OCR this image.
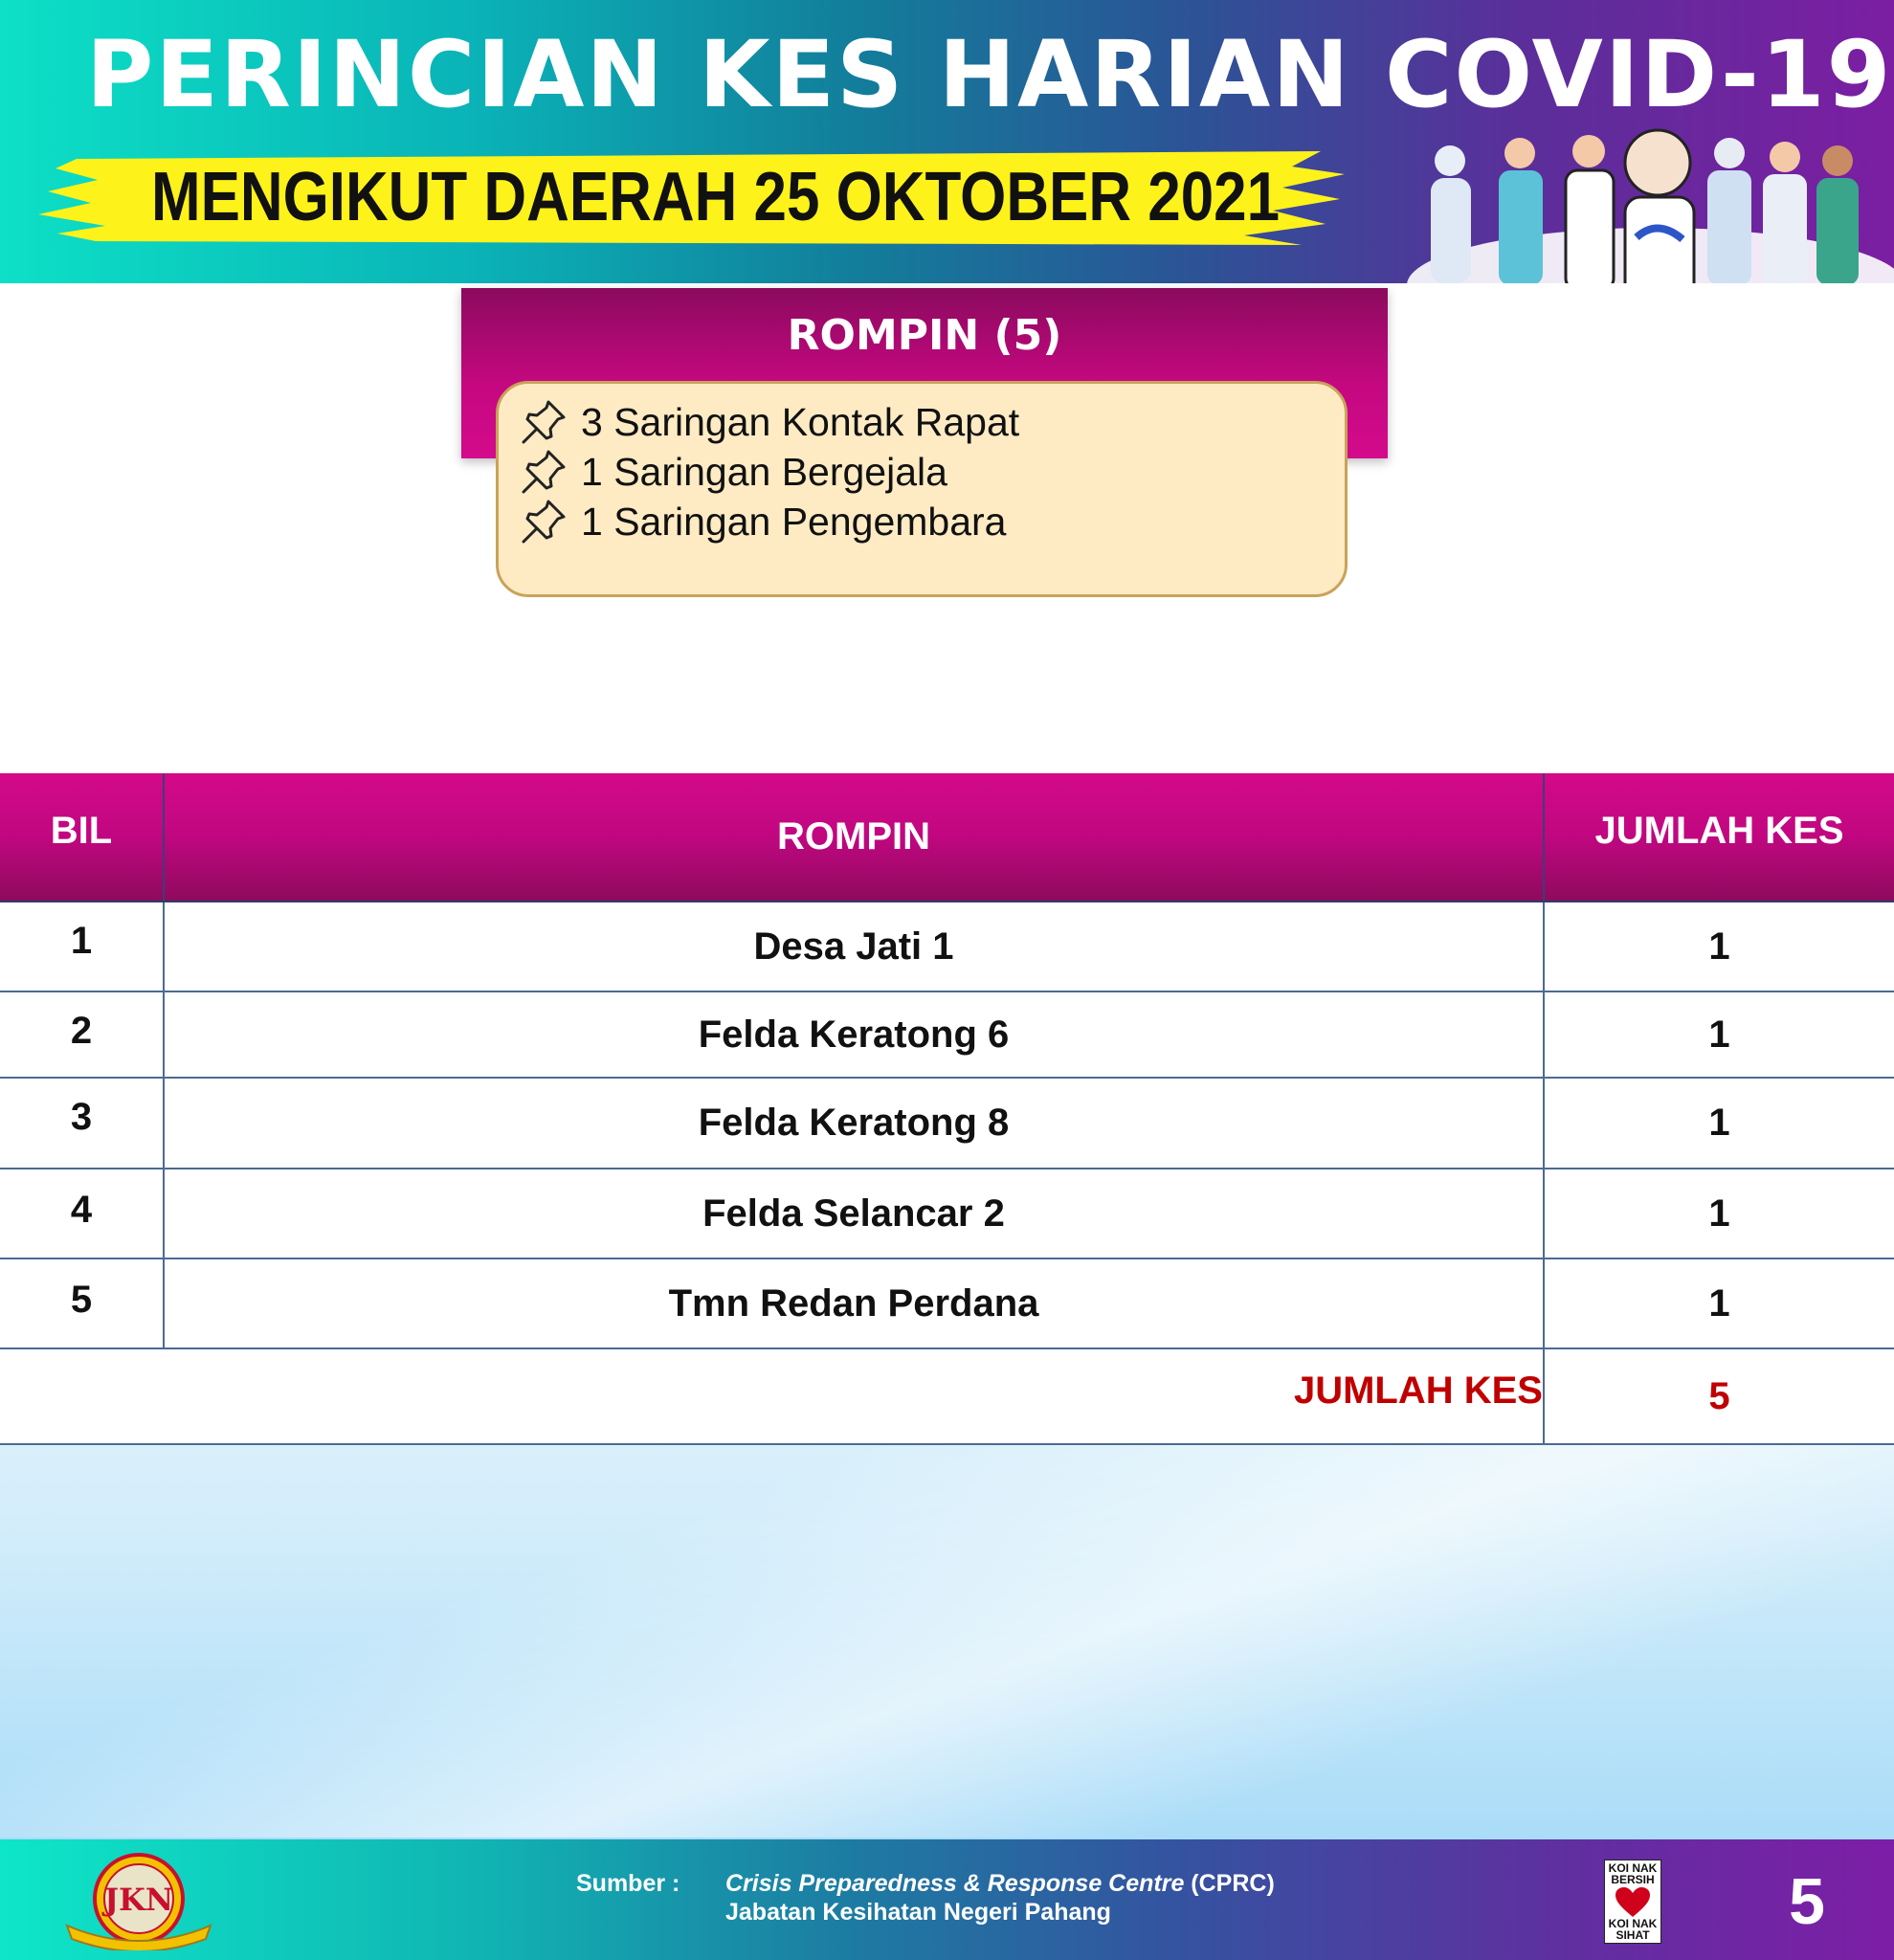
PERINCIAN KES HARIAN COVID-19
MENGIKUT DAERAH 25 OKTOBER 2021
ROMPIN (5)
3 Saringan Kontak Rapat
1 Saringan Bergejala
1 Saringan Pengembara
BIL	ROMPIN	JUMLAH KES
1	Desa Jati 1	1
2	Felda Keratong 6	1
3	Felda Keratong 8	1
4	Felda Selancar 2	1
5	Tmn Redan Perdana	1
JUMLAH KES	5
JKN	Sumber : Crisis Preparedness & Response Centre (CPRC)
Jabatan Kesihatan Negeri Pahang
KOI NAK BERSIH
KOI NAK SIHAT 5
